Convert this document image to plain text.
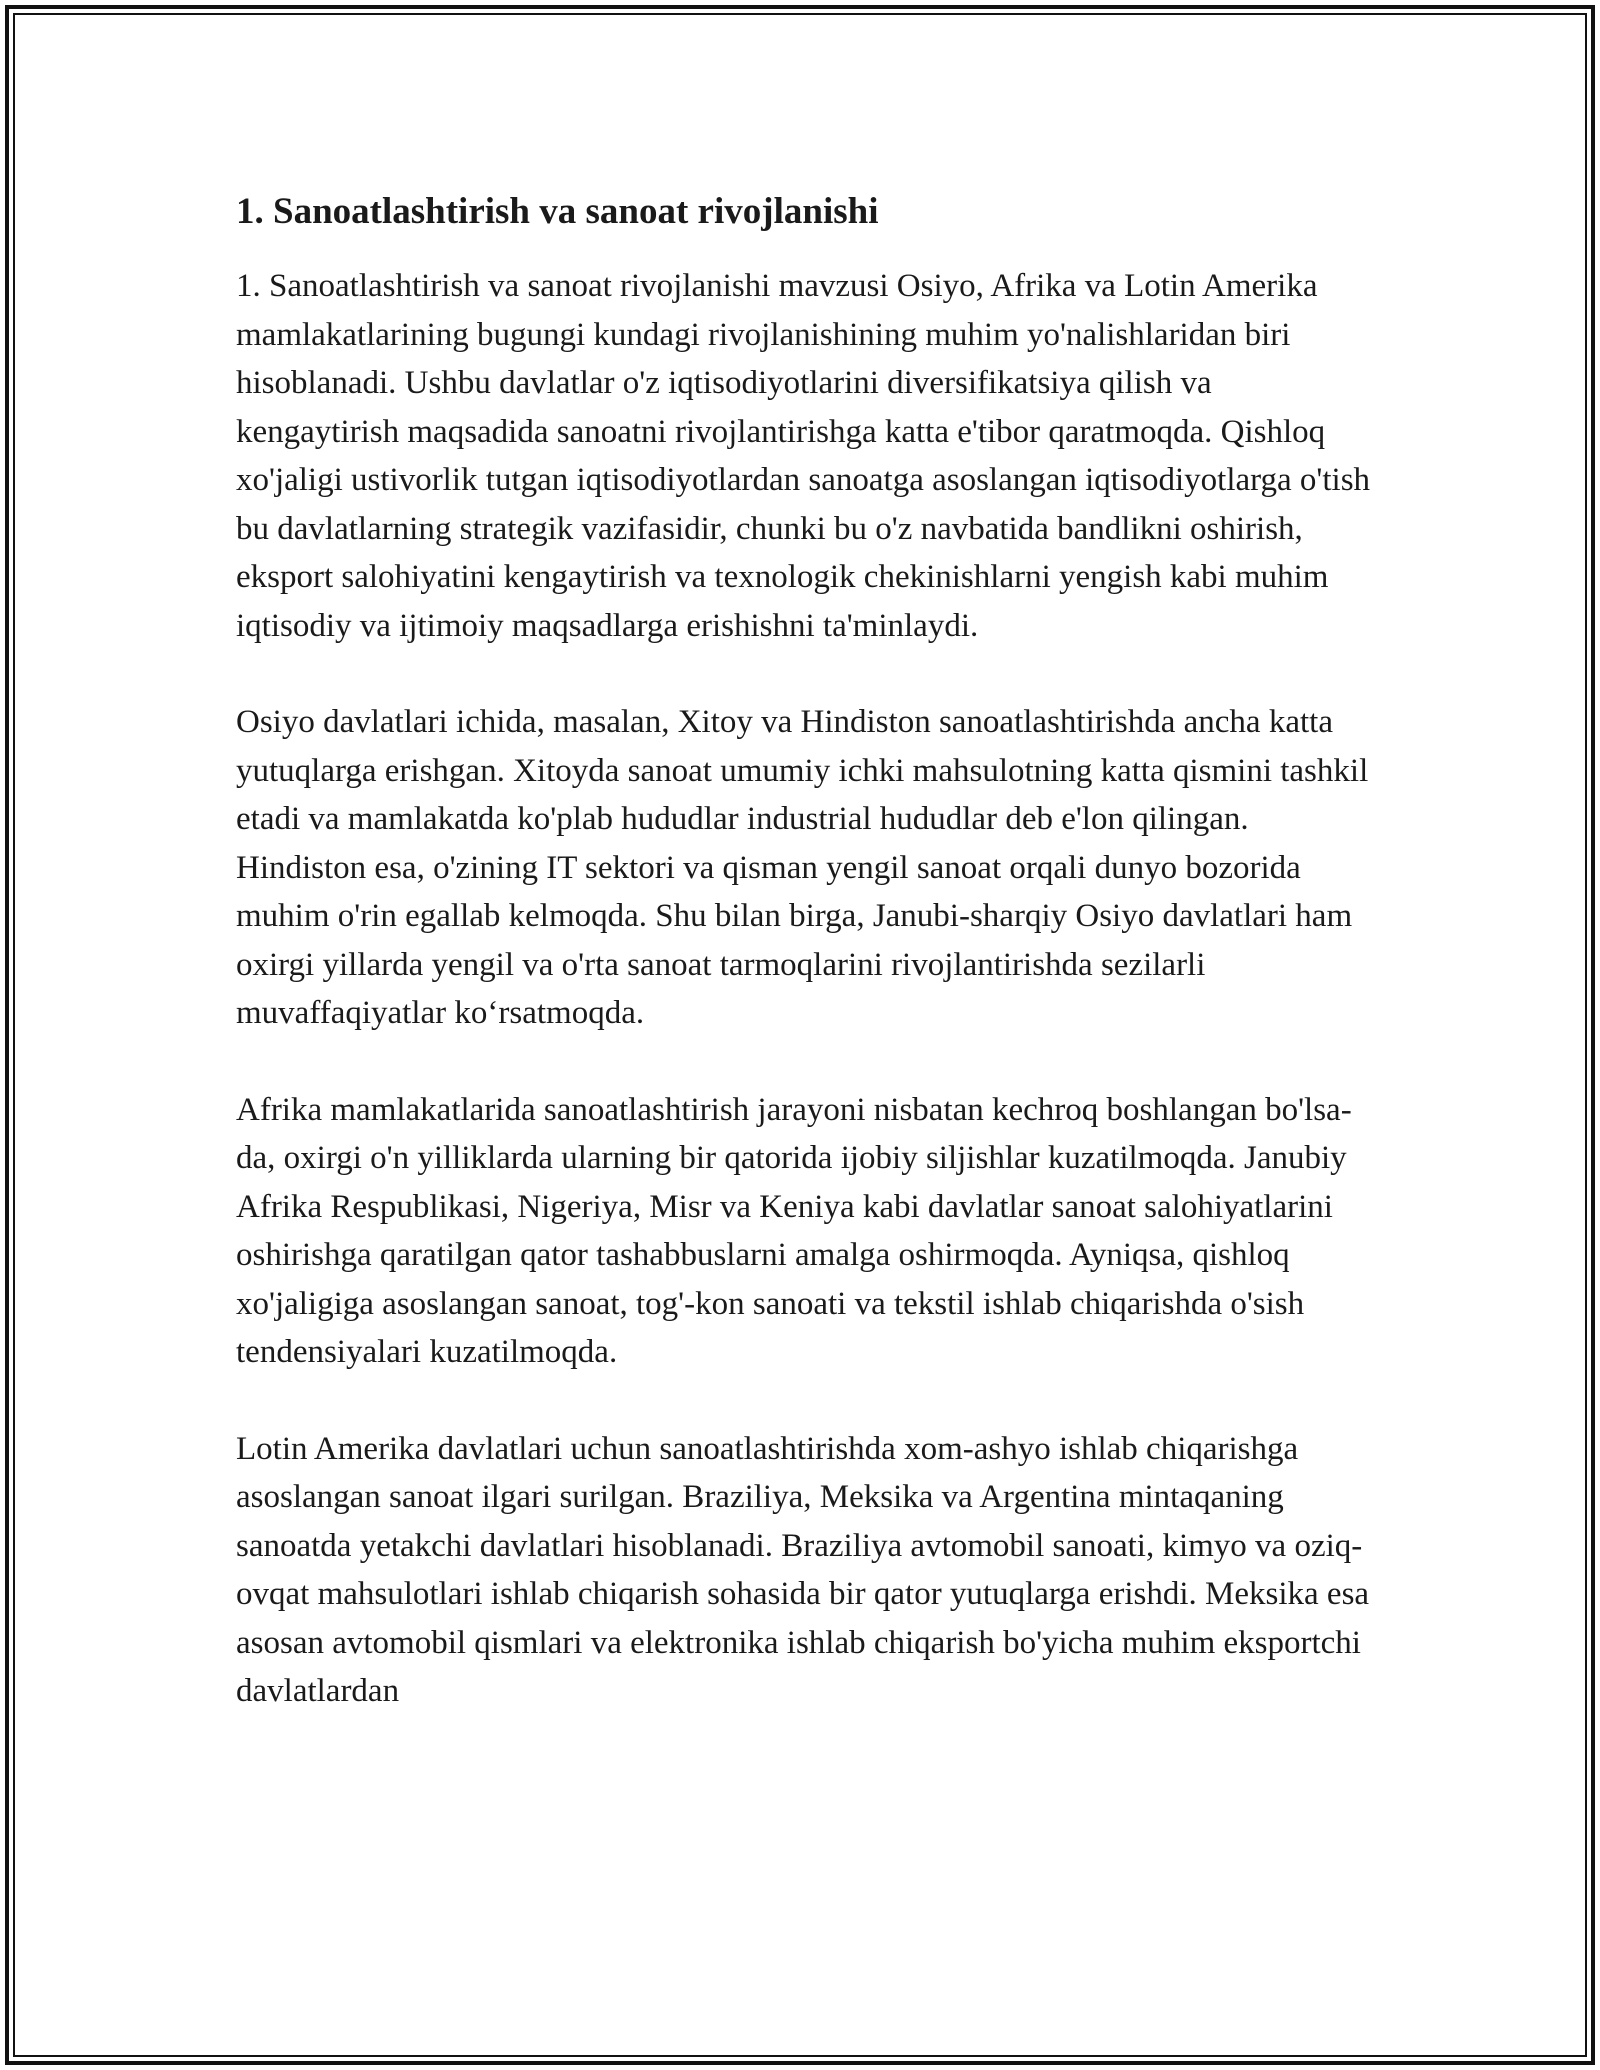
1. Sanoatlashtirish va sanoat rivojlanishi

1. Sanoatlashtirish va sanoat rivojlanishi mavzusi Osiyo, Afrika va Lotin Amerika mamlakatlarining bugungi kundagi rivojlanishining muhim yo'nalishlaridan biri hisoblanadi. Ushbu davlatlar o'z iqtisodiyotlarini diversifikatsiya qilish va kengaytirish maqsadida sanoatni rivojlantirishga katta e'tibor qaratmoqda. Qishloq xo'jaligi ustivorlik tutgan iqtisodiyotlardan sanoatga asoslangan iqtisodiyotlarga o'tish bu davlatlarning strategik vazifasidir, chunki bu o'z navbatida bandlikni oshirish, eksport salohiyatini kengaytirish va texnologik chekinishlarni yengish kabi muhim iqtisodiy va ijtimoiy maqsadlarga erishishni ta'minlaydi.

Osiyo davlatlari ichida, masalan, Xitoy va Hindiston sanoatlashtirishda ancha katta yutuqlarga erishgan. Xitoyda sanoat umumiy ichki mahsulotning katta qismini tashkil etadi va mamlakatda ko'plab hududlar industrial hududlar deb e'lon qilingan. Hindiston esa, o'zining IT sektori va qisman yengil sanoat orqali dunyo bozorida muhim o'rin egallab kelmoqda. Shu bilan birga, Janubi-sharqiy Osiyo davlatlari ham oxirgi yillarda yengil va o'rta sanoat tarmoqlarini rivojlantirishda sezilarli muvaffaqiyatlar ko‘rsatmoqda.

Afrika mamlakatlarida sanoatlashtirish jarayoni nisbatan kechroq boshlangan bo'lsa-da, oxirgi o'n yilliklarda ularning bir qatorida ijobiy siljishlar kuzatilmoqda. Janubiy Afrika Respublikasi, Nigeriya, Misr va Keniya kabi davlatlar sanoat salohiyatlarini oshirishga qaratilgan qator tashabbuslarni amalga oshirmoqda. Ayniqsa, qishloq xo'jaligiga asoslangan sanoat, tog'-kon sanoati va tekstil ishlab chiqarishda o'sish tendensiyalari kuzatilmoqda.

Lotin Amerika davlatlari uchun sanoatlashtirishda xom-ashyo ishlab chiqarishga asoslangan sanoat ilgari surilgan. Braziliya, Meksika va Argentina mintaqaning sanoatda yetakchi davlatlari hisoblanadi. Braziliya avtomobil sanoati, kimyo va oziq-ovqat mahsulotlari ishlab chiqarish sohasida bir qator yutuqlarga erishdi. Meksika esa asosan avtomobil qismlari va elektronika ishlab chiqarish bo'yicha muhim eksportchi davlatlardan
